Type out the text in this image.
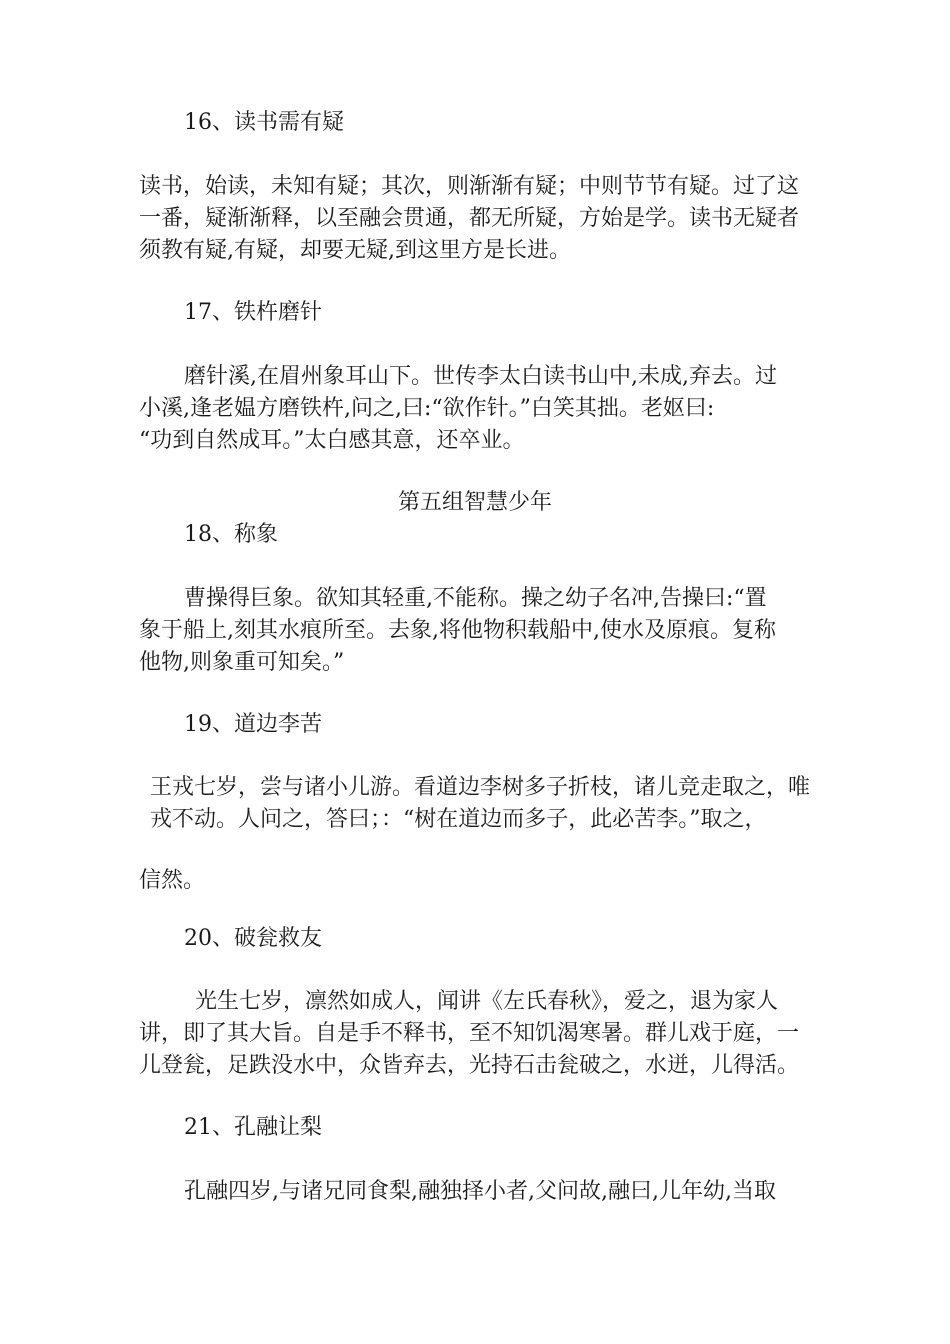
16、读书需有疑
读书，始读，未知有疑；其次，则渐渐有疑；中则节节有疑。过了这
一番，疑渐渐释，以至融会贯通，都无所疑，方始是学。读书无疑者
须教有疑,有疑，却要无疑,到这里方是长进。
17、铁杵磨针
磨针溪,在眉州象耳山下。世传李太白读书山中,未成,弃去。过
小溪,逢老媪方磨铁杵,问之,曰:“欲作针。”白笑其拙。老妪曰:
“功到自然成耳。”太白感其意，还卒业。
第五组智慧少年
18、称象
曹操得巨象。欲知其轻重,不能称。操之幼子名冲,告操曰:“置
象于船上,刻其水痕所至。去象,将他物积载船中,使水及原痕。复称
他物,则象重可知矣。”
19、道边李苦
王戎七岁，尝与诸小儿游。看道边李树多子折枝，诸儿竞走取之，唯
戎不动。人问之，答曰；：“树在道边而多子，此必苦李。”取之，
信然。
20、破瓮救友
光生七岁，凛然如成人，闻讲《左氏春秋》，爱之，退为家人
讲，即了其大旨。自是手不释书，至不知饥渴寒暑。群儿戏于庭，一
儿登瓮，足跌没水中，众皆弃去，光持石击瓮破之，水迸，儿得活。
21、孔融让梨
孔融四岁,与诸兄同食梨,融独择小者,父问故,融曰,儿年幼,当取
